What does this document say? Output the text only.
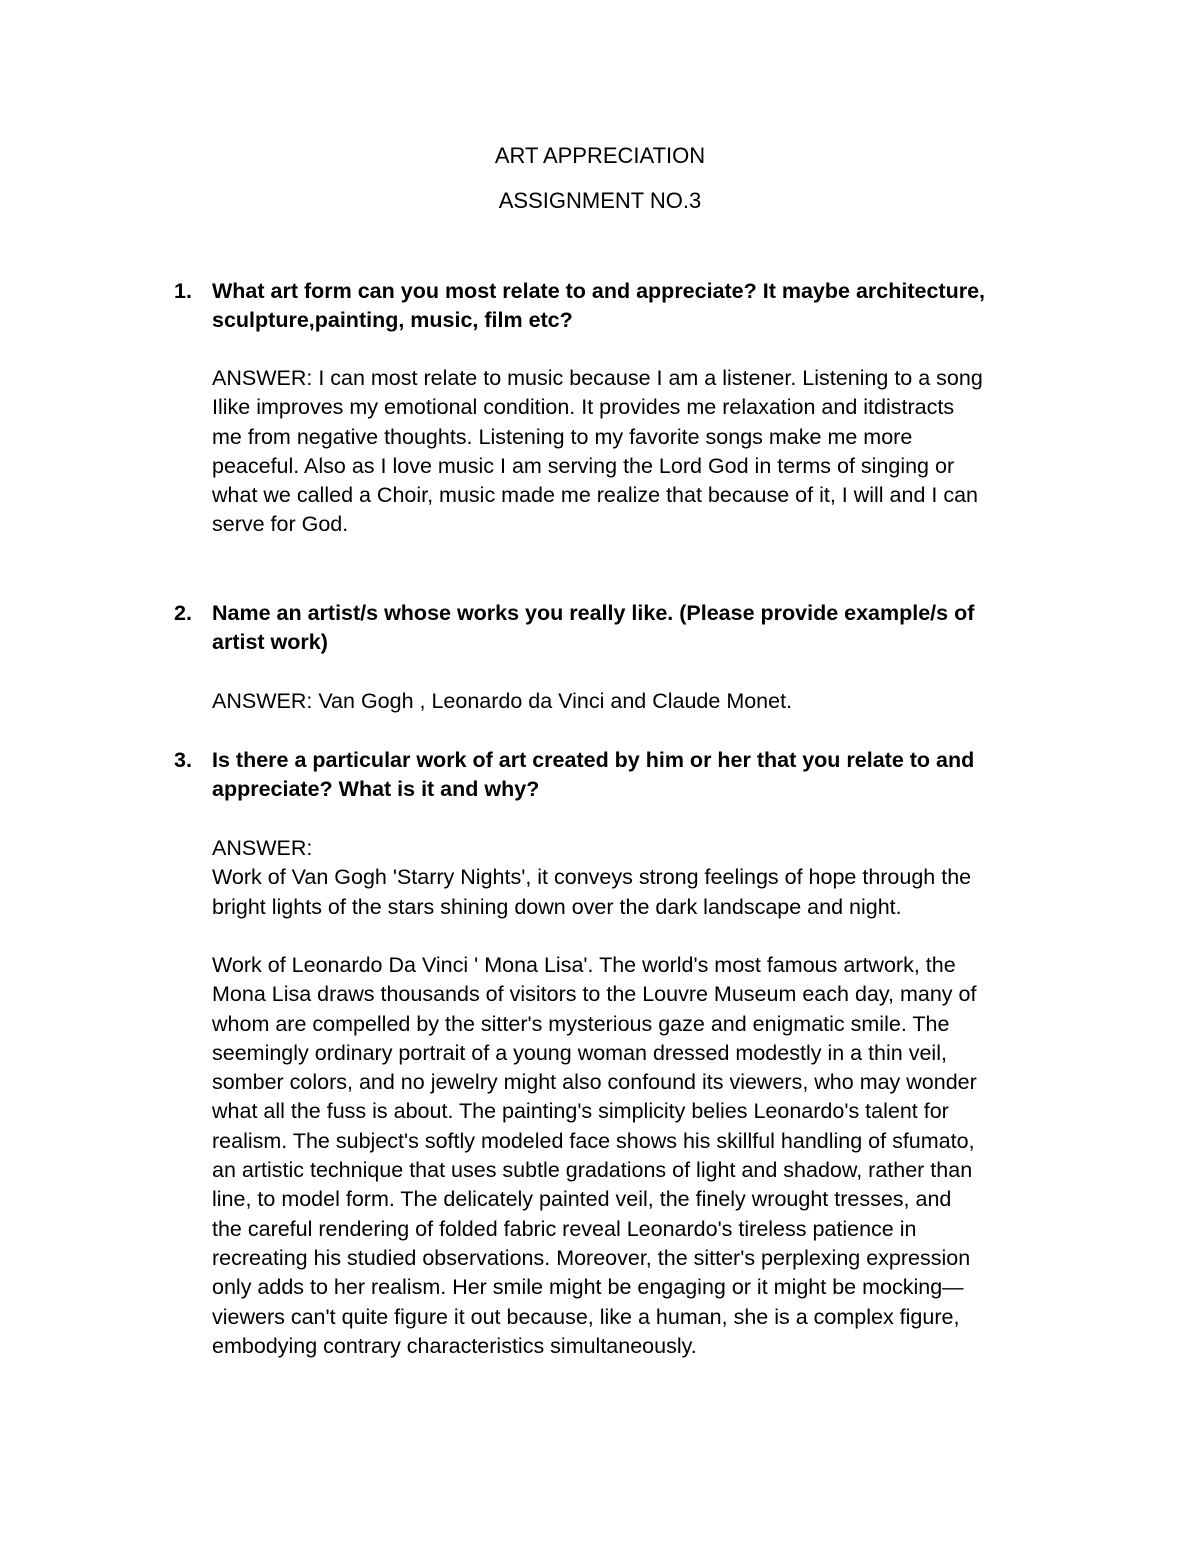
ART APPRECIATION
ASSIGNMENT NO.3
1. What art form can you most relate to and appreciate? It maybe architecture,
sculpture,painting, music, film etc?
ANSWER: I can most relate to music because I am a listener. Listening to a song
Ilike improves my emotional condition. It provides me relaxation and itdistracts
me from negative thoughts. Listening to my favorite songs make me more
peaceful. Also as I love music I am serving the Lord God in terms of singing or
what we called a Choir, music made me realize that because of it, I will and I can
serve for God.
2. Name an artist/s whose works you really like. (Please provide example/s of
artist work)
ANSWER: Van Gogh , Leonardo da Vinci and Claude Monet.
3. Is there a particular work of art created by him or her that you relate to and
appreciate? What is it and why?
ANSWER:
Work of Van Gogh 'Starry Nights', it conveys strong feelings of hope through the
bright lights of the stars shining down over the dark landscape and night.
Work of Leonardo Da Vinci ' Mona Lisa'. The world's most famous artwork, the
Mona Lisa draws thousands of visitors to the Louvre Museum each day, many of
whom are compelled by the sitter's mysterious gaze and enigmatic smile. The
seemingly ordinary portrait of a young woman dressed modestly in a thin veil,
somber colors, and no jewelry might also confound its viewers, who may wonder
what all the fuss is about. The painting's simplicity belies Leonardo's talent for
realism. The subject's softly modeled face shows his skillful handling of sfumato,
an artistic technique that uses subtle gradations of light and shadow, rather than
line, to model form. The delicately painted veil, the finely wrought tresses, and
the careful rendering of folded fabric reveal Leonardo's tireless patience in
recreating his studied observations. Moreover, the sitter's perplexing expression
only adds to her realism. Her smile might be engaging or it might be mocking—
viewers can't quite figure it out because, like a human, she is a complex figure,
embodying contrary characteristics simultaneously.
